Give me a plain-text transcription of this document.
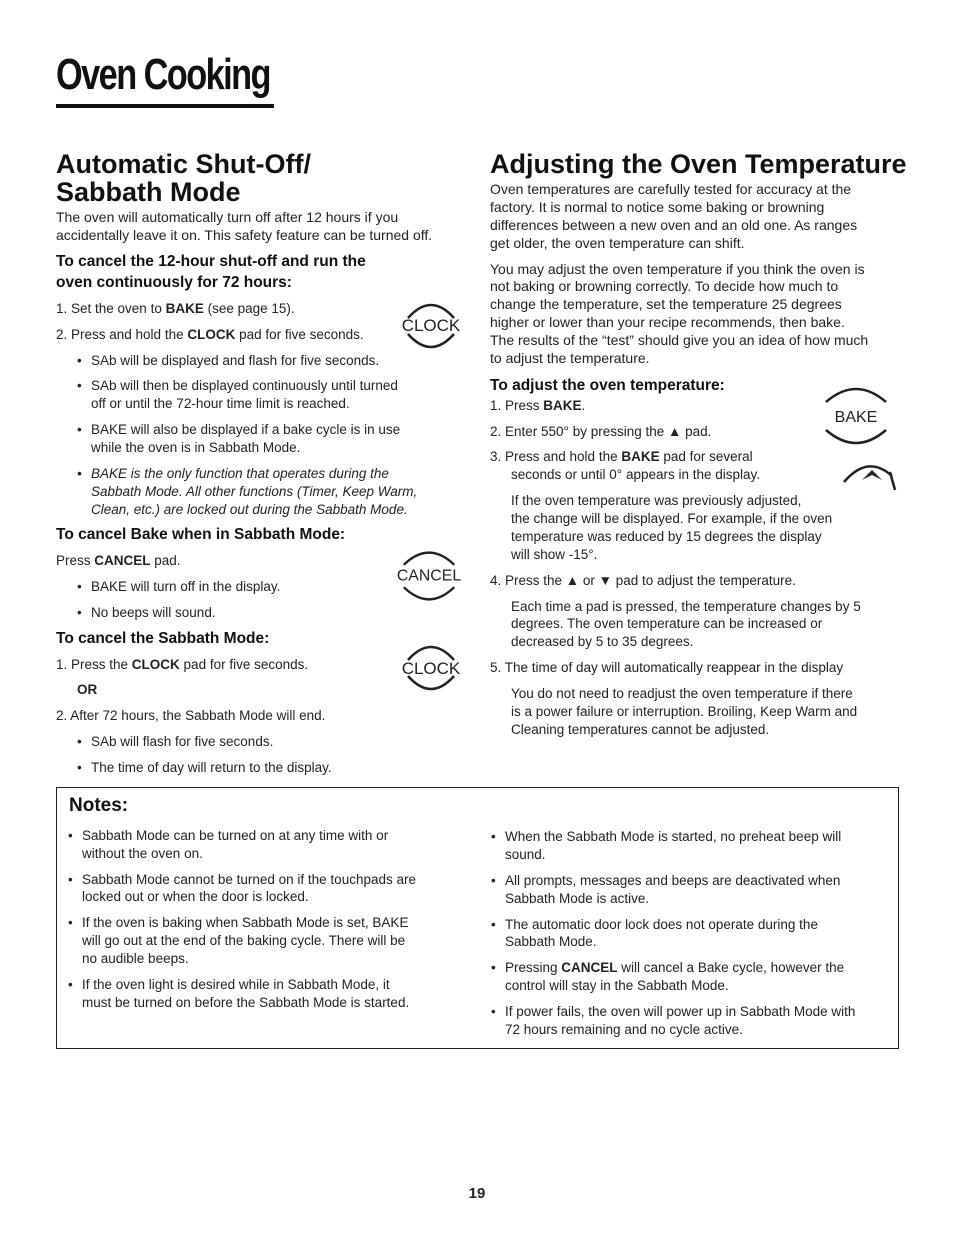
Oven Cooking
Automatic Shut-Off/
Sabbath Mode
The oven will automatically turn off after 12 hours if you
accidentally leave it on. This safety feature can be turned off.
To cancel the 12-hour shut-off and run the
oven continuously for 72 hours:
1. Set the oven to BAKE (see page 15).
2. Press and hold the CLOCK pad for five seconds.
SAb will be displayed and flash for five seconds.
SAb will then be displayed continuously until turned
off or until the 72-hour time limit is reached.
BAKE will also be displayed if a bake cycle is in use
while the oven is in Sabbath Mode.
BAKE is the only function that operates during the
Sabbath Mode. All other functions (Timer, Keep Warm,
Clean, etc.) are locked out during the Sabbath Mode.
To cancel Bake when in Sabbath Mode:
Press CANCEL pad.
BAKE will turn off in the display.
No beeps will sound.
To cancel the Sabbath Mode:
1. Press the CLOCK pad for five seconds.
OR
2. After 72 hours, the Sabbath Mode will end.
SAb will flash for five seconds.
The time of day will return to the display.
CLOCK
CANCEL
CLOCK
Adjusting the Oven Temperature
Oven temperatures are carefully tested for accuracy at the
factory. It is normal to notice some baking or browning
differences between a new oven and an old one. As ranges
get older, the oven temperature can shift.
You may adjust the oven temperature if you think the oven is
not baking or browning correctly. To decide how much to
change the temperature, set the temperature 25 degrees
higher or lower than your recipe recommends, then bake.
The results of the “test” should give you an idea of how much
to adjust the temperature.
To adjust the oven temperature:
1. Press BAKE.
2. Enter 550° by pressing the ▲ pad.
3. Press and hold the BAKE pad for several
seconds or until 0° appears in the display.
If the oven temperature was previously adjusted,
the change will be displayed. For example, if the oven
temperature was reduced by 15 degrees the display
will show -15°.
4. Press the ▲ or ▼ pad to adjust the temperature.
Each time a pad is pressed, the temperature changes by 5
degrees. The oven temperature can be increased or
decreased by 5 to 35 degrees.
5. The time of day will automatically reappear in the display
You do not need to readjust the oven temperature if there
is a power failure or interruption. Broiling, Keep Warm and
Cleaning temperatures cannot be adjusted.
BAKE
Notes:
Sabbath Mode can be turned on at any time with or
without the oven on.
Sabbath Mode cannot be turned on if the touchpads are
locked out or when the door is locked.
If the oven is baking when Sabbath Mode is set, BAKE
will go out at the end of the baking cycle. There will be
no audible beeps.
If the oven light is desired while in Sabbath Mode, it
must be turned on before the Sabbath Mode is started.
When the Sabbath Mode is started, no preheat beep will
sound.
All prompts, messages and beeps are deactivated when
Sabbath Mode is active.
The automatic door lock does not operate during the
Sabbath Mode.
Pressing CANCEL will cancel a Bake cycle, however the
control will stay in the Sabbath Mode.
If power fails, the oven will power up in Sabbath Mode with
72 hours remaining and no cycle active.
19
